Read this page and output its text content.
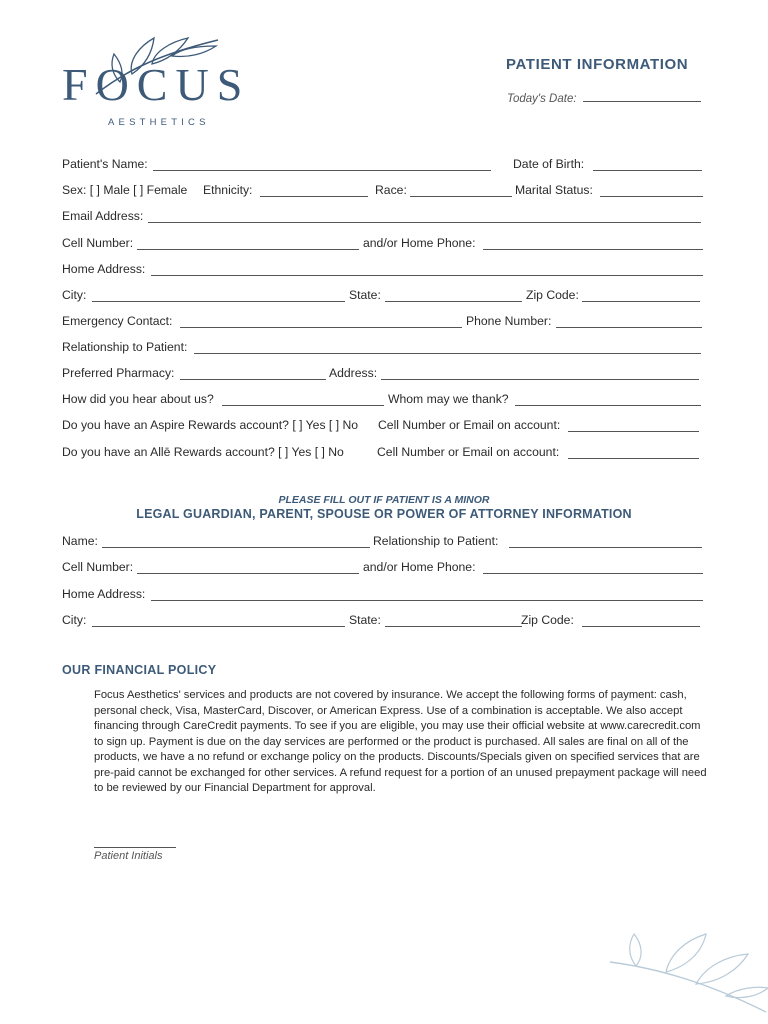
FOCUS
AESTHETICS
PATIENT INFORMATION
Today's Date:
Patient's Name:	Date of Birth:
Sex: [ ] Male [ ] Female Ethnicity:	Race:	Marital Status:
Email Address:
Cell Number:	and/or Home Phone:
Home Address:
City:	State:	Zip Code:
Emergency Contact:	Phone Number:
Relationship to Patient:
Preferred Pharmacy:	Address:
How did you hear about us?	Whom may we thank?
Do you have an Aspire Rewards account? [ ] Yes [ ] No Cell Number or Email on account:
Do you have an Allē Rewards account? [ ] Yes [ ] No	Cell Number or Email on account:
PLEASE FILL OUT IF PATIENT IS A MINOR
LEGAL GUARDIAN, PARENT, SPOUSE OR POWER OF ATTORNEY INFORMATION
Name:	Relationship to Patient:
Cell Number:	and/or Home Phone:
Home Address:
City:	State:	Zip Code:
OUR FINANCIAL POLICY
Focus Aesthetics' services and products are not covered by insurance. We accept the following forms of payment: cash, personal check, Visa, MasterCard, Discover, or American Express. Use of a combination is acceptable. We also accept financing through CareCredit payments. To see if you are eligible, you may use their official website at www.carecredit.com to sign up. Payment is due on the day services are performed or the product is purchased. All sales are final on all of the products, we have a no refund or exchange policy on the products. Discounts/Specials given on specified services that are pre-paid cannot be exchanged for other services. A refund request for a portion of an unused prepayment package will need to be reviewed by our Financial Department for approval.
Patient Initials
